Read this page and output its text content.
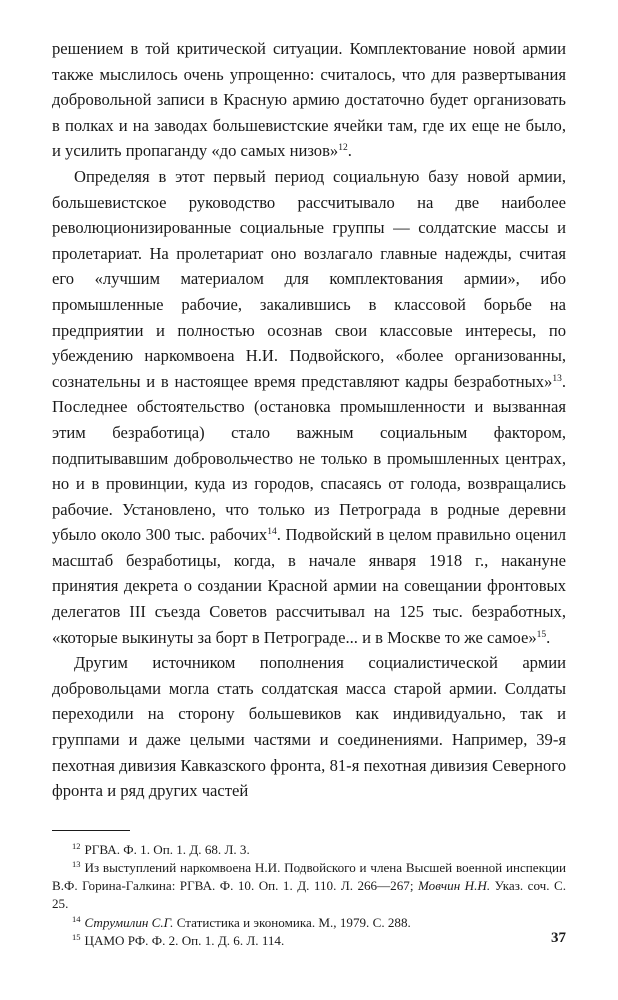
решением в той критической ситуации. Комплектование новой армии также мыслилось очень упрощенно: считалось, что для развертывания добровольной записи в Красную армию достаточно будет организовать в полках и на заводах большевистские ячейки там, где их еще не было, и усилить пропаганду «до самых низов»$^{12}$.

Определяя в этот первый период социальную базу новой армии, большевистское руководство рассчитывало на две наиболее революционизированные социальные группы — солдатские массы и пролетариат. На пролетариат оно возлагало главные надежды, считая его «лучшим материалом для комплектования армии», ибо промышленные рабочие, закалившись в классовой борьбе на предприятии и полностью осознав свои классовые интересы, по убеждению наркомвоена Н.И. Подвойского, «более организованны, сознательны и в настоящее время представляют кадры безработных»$^{13}$. Последнее обстоятельство (остановка промышленности и вызванная этим безработица) стало важным социальным фактором, подпитывавшим добровольчество не только в промышленных центрах, но и в провинции, куда из городов, спасаясь от голода, возвращались рабочие. Установлено, что только из Петрограда в родные деревни убыло около 300 тыс. рабочих$^{14}$. Подвойский в целом правильно оценил масштаб безработицы, когда, в начале января 1918 г., накануне принятия декрета о создании Красной армии на совещании фронтовых делегатов III съезда Советов рассчитывал на 125 тыс. безработных, «которые выкинуты за борт в Петрограде... и в Москве то же самое»$^{15}$.

Другим источником пополнения социалистической армии добровольцами могла стать солдатская масса старой армии. Солдаты переходили на сторону большевиков как индивидуально, так и группами и даже целыми частями и соединениями. Например, 39-я пехотная дивизия Кавказского фронта, 81-я пехотная дивизия Северного фронта и ряд других частей

$^{12}$ РГВА. Ф. 1. Оп. 1. Д. 68. Л. 3.
$^{13}$ Из выступлений наркомвоена Н.И. Подвойского и члена Высшей военной инспекции В.Ф. Горина-Галкина: РГВА. Ф. 10. Оп. 1. Д. 110. Л. 266—267; Мовчин Н.Н. Указ. соч. С. 25.
$^{14}$ Струмилин С.Г. Статистика и экономика. М., 1979. С. 288.
$^{15}$ ЦАМО РФ. Ф. 2. Оп. 1. Д. 6. Л. 114.	37
